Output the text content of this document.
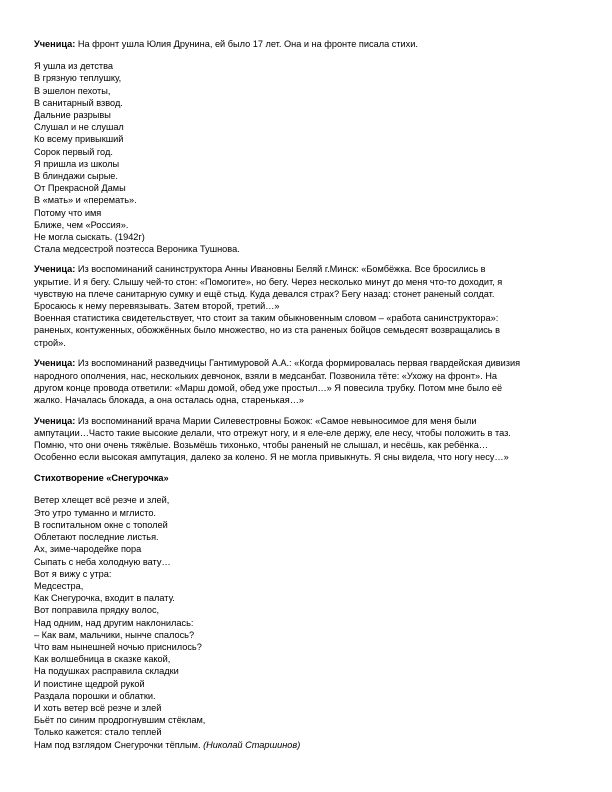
Ученица: На фронт ушла Юлия Друнина, ей было 17 лет. Она и на фронте писала стихи.
Я ушла из детства
В грязную теплушку,
В эшелон пехоты,
В санитарный взвод.
Дальние разрывы
Слушал и не слушал
Ко всему привыкший
Сорок первый год.
Я пришла из школы
В блиндажи сырые.
От Прекрасной Дамы
В «мать» и «перемать».
Потому что имя
Ближе, чем «Россия».
Не могла сыскать. (1942г)
Стала медсестрой поэтесса Вероника Тушнова.
Ученица: Из воспоминаний санинструктора Анны Ивановны Беляй г.Минск: «Бомбёжка. Все бросились в
укрытие. И я бегу. Слышу чей-то стон: «Помогите», но бегу. Через несколько минут до меня что-то доходит, я
чувствую на плече санитарную сумку и ещё стыд. Куда девался страх? Бегу назад: стонет раненый солдат.
Бросаюсь к нему перевязывать. Затем второй, третий…»
Военная статистика свидетельствует, что стоит за таким обыкновенным словом – «работа санинструктора»:
раненых, контуженных, обожжённых было множество, но из ста раненых бойцов семьдесят возвращались в
строй».
Ученица: Из воспоминаний разведчицы Гантимуровой А.А.: «Когда формировалась первая гвардейская дивизия
народного ополчения, нас, нескольких девчонок, взяли в медсанбат. Позвонила тёте: «Ухожу на фронт». На
другом конце провода ответили: «Марш домой, обед уже простыл…» Я повесила трубку. Потом мне было её
жалко. Началась блокада, а она осталась одна, старенькая…»
Ученица: Из воспоминаний врача Марии Силевестровны Божок: «Самое невыносимое для меня были
ампутации…Часто такие высокие делали, что отрежут ногу, и я еле-еле держу, еле несу, чтобы положить в таз.
Помню, что они очень тяжёлые. Возьмёшь тихонько, чтобы раненый не слышал, и несёшь, как ребёнка…
Особенно если высокая ампутация, далеко за колено. Я не могла привыкнуть. Я сны видела, что ногу несу…»
Стихотворение «Снегурочка»
Ветер хлещет всё резче и злей,
Это утро туманно и мглисто.
В госпитальном окне с тополей
Облетают последние листья.
Ах, зиме-чародейке пора
Сыпать с неба холодную вату…
Вот я вижу с утра:
Медсестра,
Как Снегурочка, входит в палату.
Вот поправила прядку волос,
Над одним, над другим наклонилась:
– Как вам, мальчики, нынче спалось?
Что вам нынешней ночью приснилось?
Как волшебница в сказке какой,
На подушках расправила складки
И поистине щедрой рукой
Раздала порошки и облатки.
И хоть ветер всё резче и злей
Бьёт по синим продрогнувшим стёклам,
Только кажется: стало теплей
Нам под взглядом Снегурочки тёплым. (Николай Старшинов)
